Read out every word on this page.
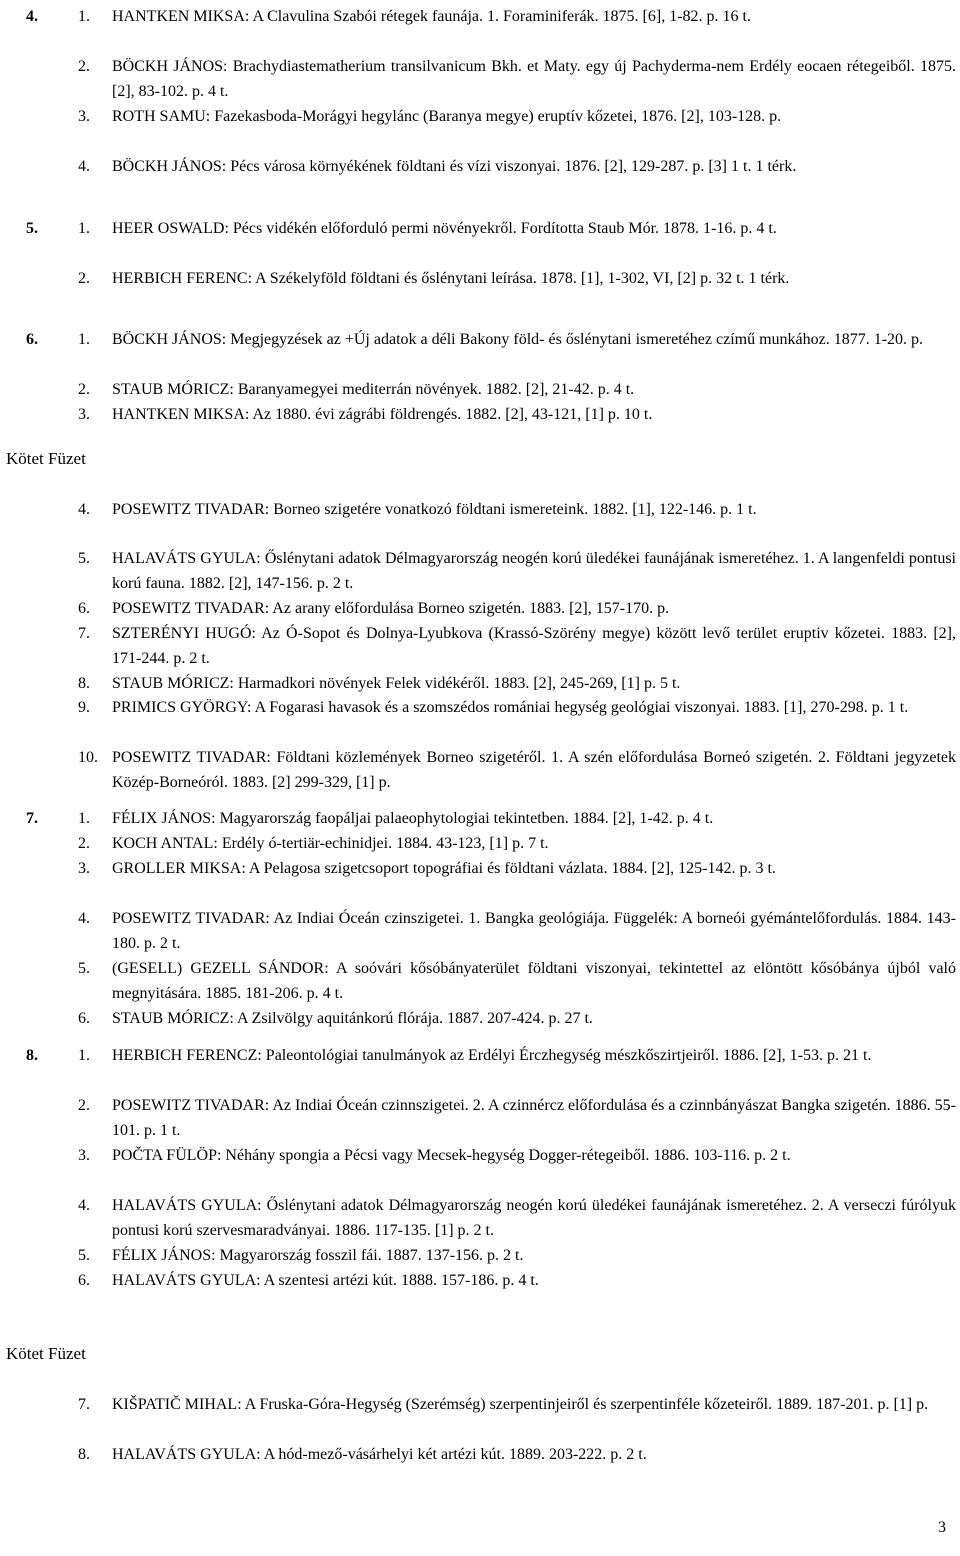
4.	1. HANTKEN MIKSA: A Clavulina Szabói rétegek faunája. 1. Foraminiferák. 1875. [6], 1-82. p. 16 t.
2. BÖCKH JÁNOS: Brachydiastematherium transilvanicum Bkh. et Maty. egy új Pachyderma-nem Erdély eocaen rétegeiből. 1875. [2], 83-102. p. 4 t.
3. ROTH SAMU: Fazekasboda-Morágyi hegylánc (Baranya megye) eruptív kőzetei, 1876. [2], 103-128. p.
4. BÖCKH JÁNOS: Pécs városa környékének földtani és vízi viszonyai. 1876. [2], 129-287. p. [3] 1 t. 1 térk.
5.	1. HEER OSWALD: Pécs vidékén előforduló permi növényekről. Fordította Staub Mór. 1878. 1-16. p. 4 t.
2. HERBICH FERENC: A Székelyföld földtani és őslénytani leírása. 1878. [1], 1-302, VI, [2] p. 32 t. 1 térk.
6.	1. BÖCKH JÁNOS: Megjegyzések az +Új adatok a déli Bakony föld- és őslénytani ismeretéhez czímű munkához. 1877. 1-20. p.
2. STAUB MÓRICZ: Baranyamegyei mediterrán növények. 1882. [2], 21-42. p. 4 t.
3. HANTKEN MIKSA: Az 1880. évi zágrábi földrengés. 1882. [2], 43-121, [1] p. 10 t.
Kötet Füzet
4. POSEWITZ TIVADAR: Borneo szigetére vonatkozó földtani ismereteink. 1882. [1], 122-146. p. 1 t.
5. HALAVÁTS GYULA: Őslénytani adatok Délmagyarország neogén korú üledékei faunájának ismeretéhez. 1. A langenfeldi pontusi korú fauna. 1882. [2], 147-156. p. 2 t.
6. POSEWITZ TIVADAR: Az arany előfordulása Borneo szigetén. 1883. [2], 157-170. p.
7. SZTERÉNYI HUGÓ: Az Ó-Sopot és Dolnya-Lyubkova (Krassó-Szörény megye) között levő terület eruptiv kőzetei. 1883. [2], 171-244. p. 2 t.
8. STAUB MÓRICZ: Harmadkori növények Felek vidékéről. 1883. [2], 245-269, [1] p. 5 t.
9. PRIMICS GYÖRGY: A Fogarasi havasok és a szomszédos romániai hegység geológiai viszonyai. 1883. [1], 270-298. p. 1 t.
10. POSEWITZ TIVADAR: Földtani közlemények Borneo szigetéről. 1. A szén előfordulása Borneó szigetén. 2. Földtani jegyzetek Közép-Borneóról. 1883. [2] 299-329, [1] p.
7.	1. FÉLIX JÁNOS: Magyarország faopáljai palaeophytologiai tekintetben. 1884. [2], 1-42. p. 4 t.
2. KOCH ANTAL: Erdély ó-tertiär-echinidjei. 1884. 43-123, [1] p. 7 t.
3. GROLLER MIKSA: A Pelagosa szigetcsoport topográfiai és földtani vázlata. 1884. [2], 125-142. p. 3 t.
4. POSEWITZ TIVADAR: Az Indiai Óceán czinszigetei. 1. Bangka geológiája. Függelék: A borneói gyémántelőfordulás. 1884. 143-180. p. 2 t.
5. (GESELL) GEZELL SÁNDOR: A soóvári kősóbányaterület földtani viszonyai, tekintettel az elöntött kősóbánya újból való megnyitására. 1885. 181-206. p. 4 t.
6. STAUB MÓRICZ: A Zsilvölgy aquitánkorú flórája. 1887. 207-424. p. 27 t.
8.	1. HERBICH FERENCZ: Paleontológiai tanulmányok az Erdélyi Érczhegység mészkőszirtjeiről. 1886. [2], 1-53. p. 21 t.
2. POSEWITZ TIVADAR: Az Indiai Óceán czinnszigetei. 2. A czinnércz előfordulása és a czinnbányászat Bangka szigetén. 1886. 55-101. p. 1 t.
3. POČTA FÜLÖP: Néhány spongia a Pécsi vagy Mecsek-hegység Dogger-rétegeiből. 1886. 103-116. p. 2 t.
4. HALAVÁTS GYULA: Őslénytani adatok Délmagyarország neogén korú üledékei faunájának ismeretéhez. 2. A verseczi fúrólyuk pontusi korú szervesmaradványai. 1886. 117-135. [1] p. 2 t.
5. FÉLIX JÁNOS: Magyarország fosszil fái. 1887. 137-156. p. 2 t.
6. HALAVÁTS GYULA: A szentesi artézi kút. 1888. 157-186. p. 4 t.
Kötet Füzet
7. KIŠPATIČ MIHAL: A Fruska-Góra-Hegység (Szerémség) szerpentinjeiről és szerpentinféle kőzeteiről. 1889. 187-201. p. [1] p.
8. HALAVÁTS GYULA: A hód-mező-vásárhelyi két artézi kút. 1889. 203-222. p. 2 t.
3
